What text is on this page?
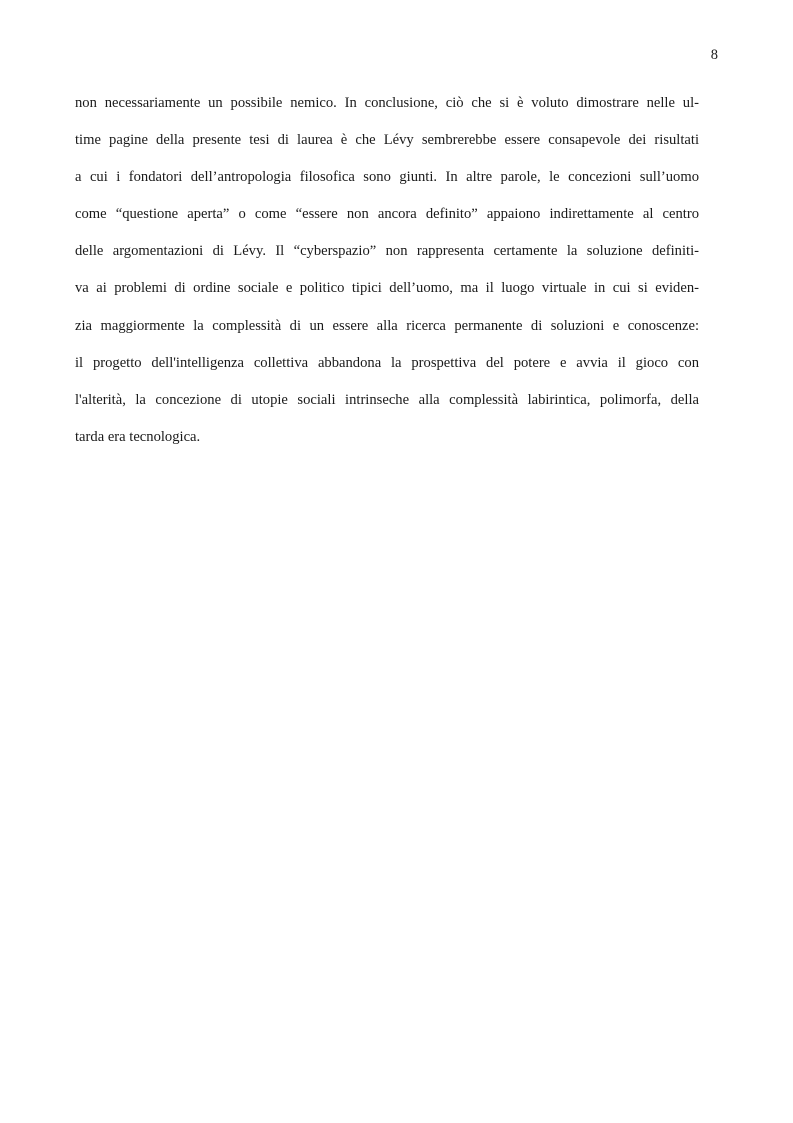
8
non necessariamente un possibile nemico. In conclusione, ciò che si è voluto dimostrare nelle ul-
time pagine della presente tesi di laurea è che Lévy sembrerebbe essere consapevole dei risultati
a cui i fondatori dell’antropologia filosofica sono giunti. In altre parole, le concezioni sull’uomo
come “questione aperta” o come “essere non ancora definito” appaiono indirettamente al centro
delle argomentazioni di Lévy. Il “cyberspazio” non rappresenta certamente la soluzione definiti-
va ai problemi di ordine sociale e politico tipici dell’uomo, ma il luogo virtuale in cui si eviden-
zia maggiormente la complessità di un essere alla ricerca permanente di soluzioni e conoscenze:
il progetto dell'intelligenza collettiva abbandona la prospettiva del potere e avvia il gioco con
l'alterità, la concezione di utopie sociali intrinseche alla complessità labirintica, polimorfa, della
tarda era tecnologica.
